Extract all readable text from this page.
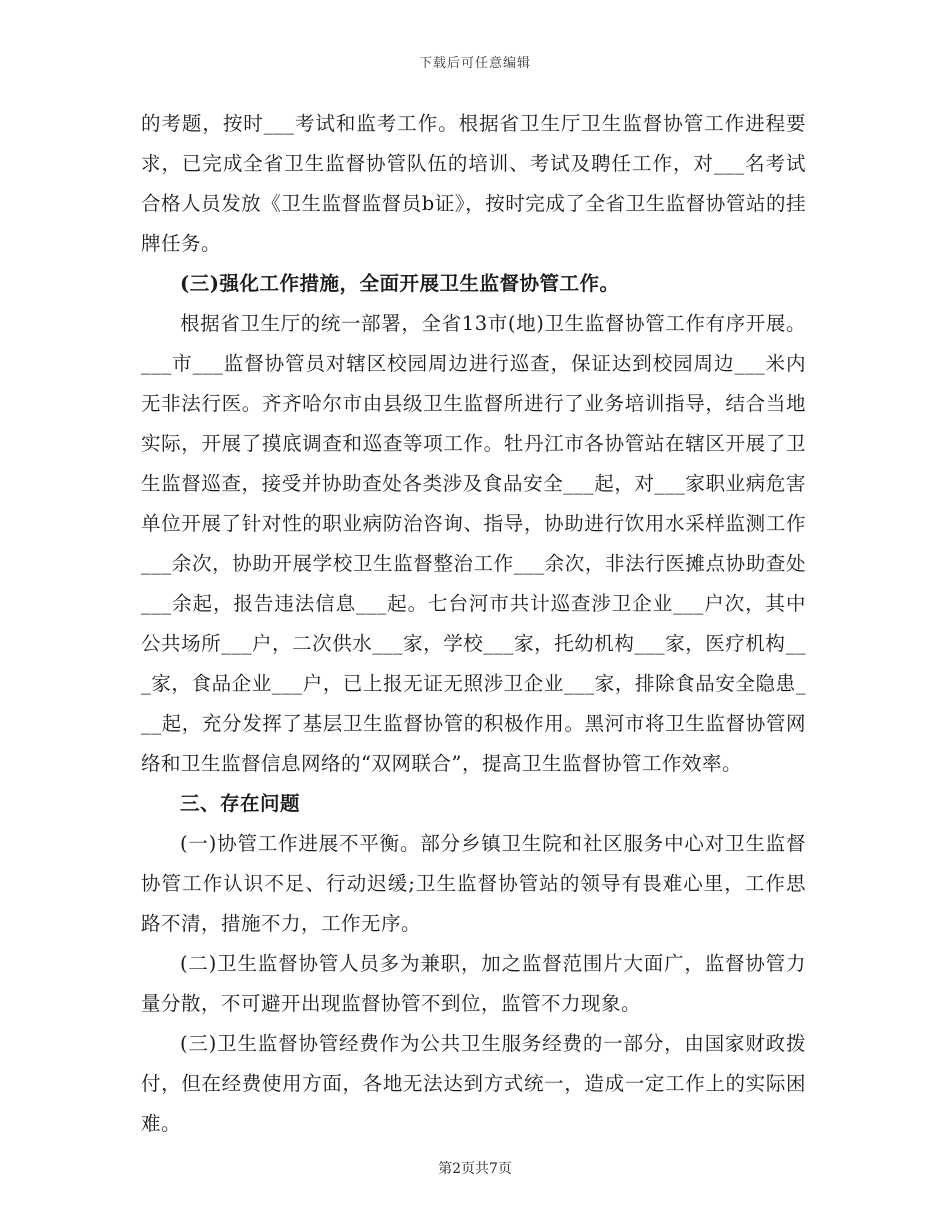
下载后可任意编辑

的考题，按时___考试和监考工作。根据省卫生厅卫生监督协管工作进程要求，已完成全省卫生监督协管队伍的培训、考试及聘任工作，对___名考试合格人员发放《卫生监督监督员b证》，按时完成了全省卫生监督协管站的挂牌任务。

(三)强化工作措施，全面开展卫生监督协管工作。

根据省卫生厅的统一部署，全省13市(地)卫生监督协管工作有序开展。___市___监督协管员对辖区校园周边进行巡查，保证达到校园周边___米内无非法行医。齐齐哈尔市由县级卫生监督所进行了业务培训指导，结合当地实际，开展了摸底调查和巡查等项工作。牡丹江市各协管站在辖区开展了卫生监督巡查，接受并协助查处各类涉及食品安全___起，对___家职业病危害单位开展了针对性的职业病防治咨询、指导，协助进行饮用水采样监测工作___余次，协助开展学校卫生监督整治工作___余次，非法行医摊点协助查处___余起，报告违法信息___起。七台河市共计巡查涉卫企业___户次，其中公共场所___户，二次供水___家，学校___家，托幼机构___家，医疗机构___家，食品企业___户，已上报无证无照涉卫企业___家，排除食品安全隐患___起，充分发挥了基层卫生监督协管的积极作用。黑河市将卫生监督协管网络和卫生监督信息网络的“双网联合”，提高卫生监督协管工作效率。

三、存在问题

(一)协管工作进展不平衡。部分乡镇卫生院和社区服务中心对卫生监督协管工作认识不足、行动迟缓;卫生监督协管站的领导有畏难心里，工作思路不清，措施不力，工作无序。

(二)卫生监督协管人员多为兼职，加之监督范围片大面广，监督协管力量分散，不可避开出现监督协管不到位，监管不力现象。

(三)卫生监督协管经费作为公共卫生服务经费的一部分，由国家财政拨付，但在经费使用方面，各地无法达到方式统一，造成一定工作上的实际困难。

第2页共7页
